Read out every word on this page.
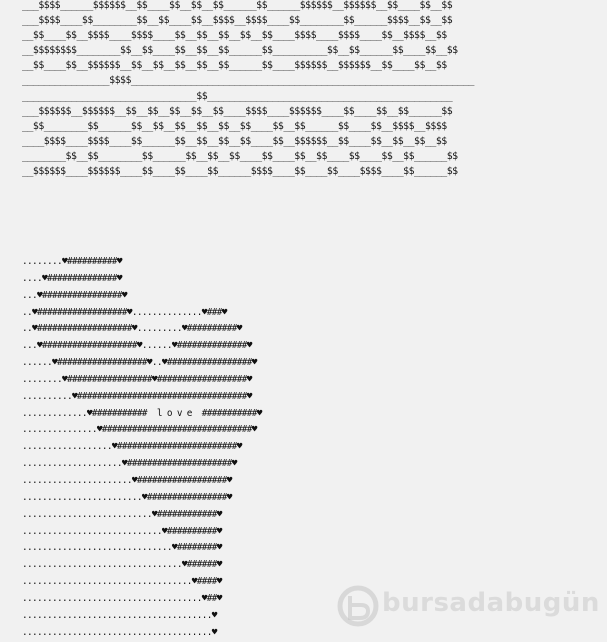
___$$$$______$$$$$$__$$____$$__$$__$$______$$______$$$$$$__$$$$$$__$$____$$__$$
___$$$$____$$________$$__$$____$$__$$$$__$$$$____$$________$$______$$$$__$$__$$
__$$____$$__$$$$____$$$$____$$__$$__$$__$$__$$____$$$$____$$$$____$$__$$$$__$$
__$$$$$$$$________$$__$$____$$__$$__$$______$$__________$$__$$______$$____$$__$$
__$$____$$__$$$$$$__$$__$$__$$__$$__$$______$$____$$$$$$__$$$$$$__$$____$$__$$
________________$$$$_______________________________________________________________
________________________________$$_____________________________________________
___$$$$$$__$$$$$$__$$__$$__$$__$$__$$____$$$$____$$$$$$____$$____$$__$$______$$
__$$________$$______$$__$$__$$__$$__$$__$$____$$__$$______$$____$$__$$$$__$$$$
____$$$$____$$$$____$$______$$__$$__$$__$$____$$__$$$$$$__$$____$$__$$__$$__$$
________$$__$$________$$______$$__$$__$$____$$____$$__$$____$$____$$__$$______$$
__$$$$$$____$$$$$$____$$____$$____$$______$$$$____$$____$$____$$$$____$$______$$
........♥##########♥
....♥##############♥
...♥################♥
..♥##################♥..............♥###♥
..♥###################♥.........♥##########♥
...♥###################♥......♥##############♥
......♥##################♥..♥#################♥
........♥#################♥##################♥
..........♥##################################♥
.............♥###########  l o v e  ###########♥
...............♥##############################♥
..................♥########################♥
....................♥#####################♥
......................♥##################♥
........................♥################♥
..........................♥############♥
............................♥##########♥
..............................♥########♥
................................♥######♥
..................................♥####♥
....................................♥##♥
......................................♥
......................................♥
bursadabugün
